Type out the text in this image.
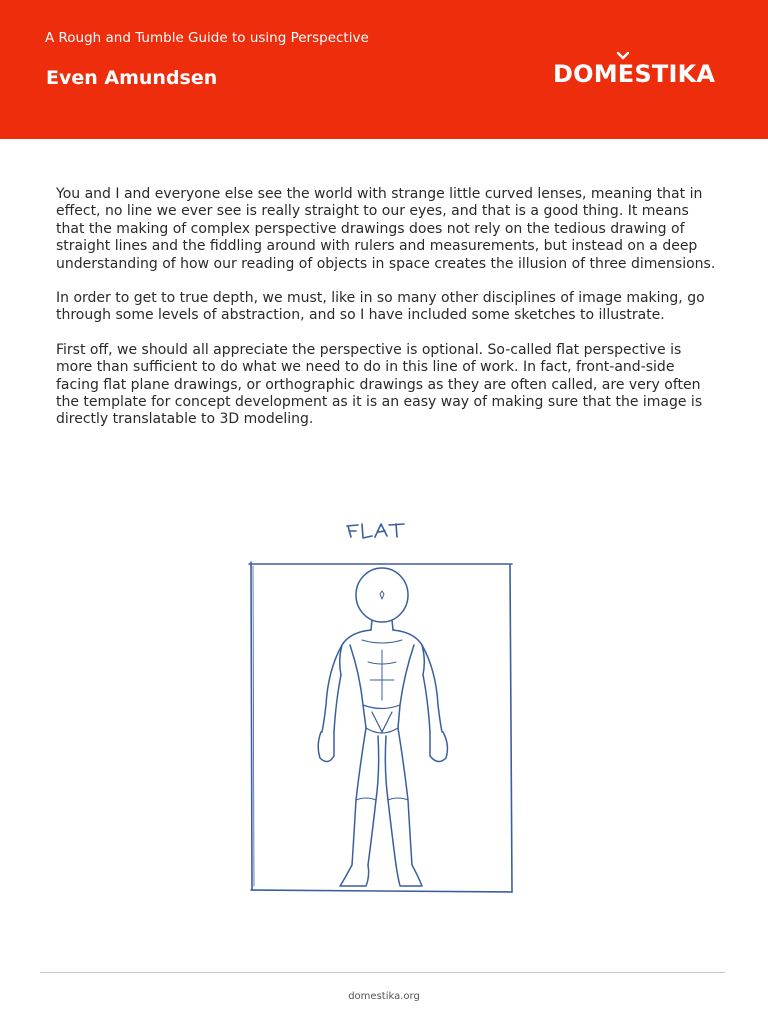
A Rough and Tumble Guide to using Perspective
Even Amundsen	DOMESTIKA

You and I and everyone else see the world with strange little curved lenses, meaning that in effect, no line we ever see is really straight to our eyes, and that is a good thing. It means that the making of complex perspective drawings does not rely on the tedious drawing of straight lines and the fiddling around with rulers and measurements, but instead on a deep understanding of how our reading of objects in space creates the illusion of three dimensions.

In order to get to true depth, we must, like in so many other disciplines of image making, go through some levels of abstraction, and so I have included some sketches to illustrate.

First off, we should all appreciate the perspective is optional. So-called flat perspective is more than sufficient to do what we need to do in this line of work. In fact, front-and-side facing flat plane drawings, or orthographic drawings as they are often called, are very often the template for concept development as it is an easy way of making sure that the image is directly translatable to 3D modeling.

domestika.org
